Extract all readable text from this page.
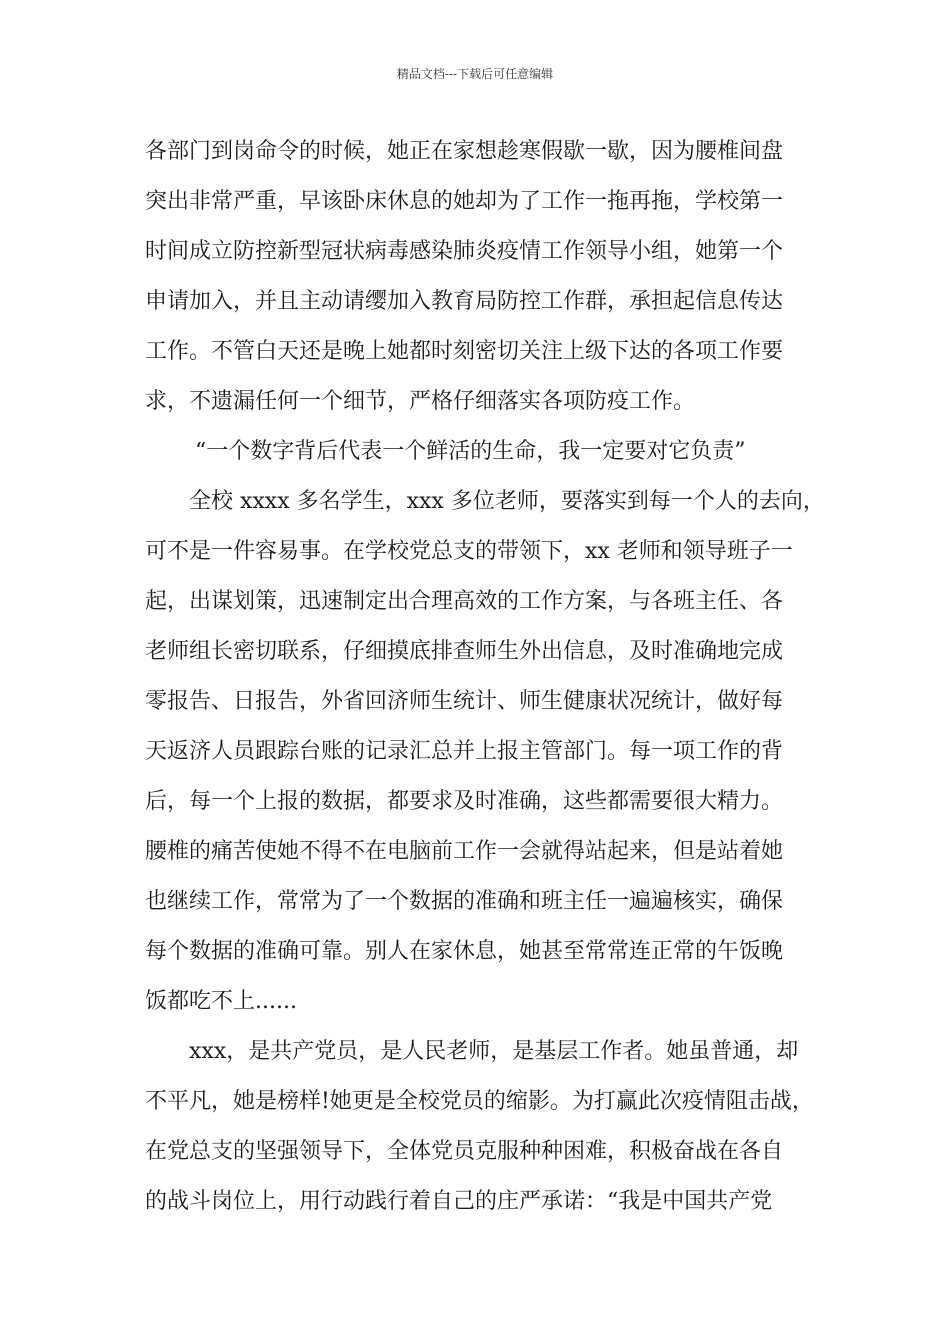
精品文档---下载后可任意编辑
各部门到岗命令的时候，她正在家想趁寒假歇一歇，因为腰椎间盘
突出非常严重，早该卧床休息的她却为了工作一拖再拖，学校第一
时间成立防控新型冠状病毒感染肺炎疫情工作领导小组，她第一个
申请加入，并且主动请缨加入教育局防控工作群，承担起信息传达
工作。不管白天还是晚上她都时刻密切关注上级下达的各项工作要
求，不遗漏任何一个细节，严格仔细落实各项防疫工作。
“一个数字背后代表一个鲜活的生命，我一定要对它负责”
全校 xxxx 多名学生，xxx 多位老师，要落实到每一个人的去向，
可不是一件容易事。在学校党总支的带领下，xx 老师和领导班子一
起，出谋划策，迅速制定出合理高效的工作方案，与各班主任、各
老师组长密切联系，仔细摸底排查师生外出信息，及时准确地完成
零报告、日报告，外省回济师生统计、师生健康状况统计，做好每
天返济人员跟踪台账的记录汇总并上报主管部门。每一项工作的背
后，每一个上报的数据，都要求及时准确，这些都需要很大精力。
腰椎的痛苦使她不得不在电脑前工作一会就得站起来，但是站着她
也继续工作，常常为了一个数据的准确和班主任一遍遍核实，确保
每个数据的准确可靠。别人在家休息，她甚至常常连正常的午饭晚
饭都吃不上......
xxx，是共产党员，是人民老师，是基层工作者。她虽普通，却
不平凡，她是榜样!她更是全校党员的缩影。为打赢此次疫情阻击战，
在党总支的坚强领导下，全体党员克服种种困难，积极奋战在各自
的战斗岗位上，用行动践行着自己的庄严承诺：“我是中国共产党
